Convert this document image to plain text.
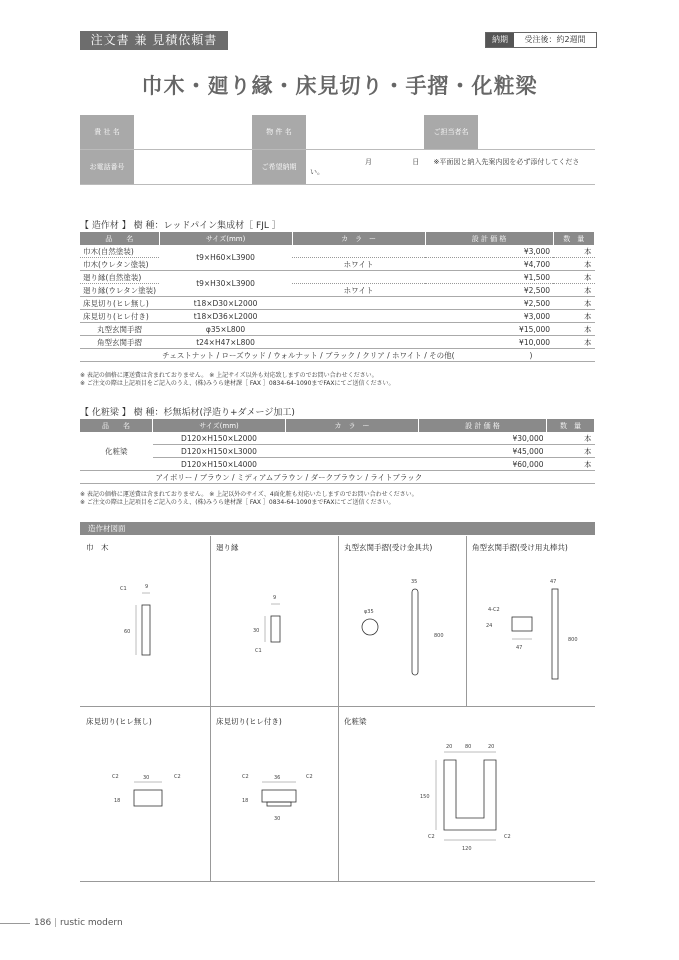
注文書 兼 見積依頼書	納期	受注後：約2週間
巾木・廻り縁・床見切り・手摺・化粧梁
貴 社 名		物 件 名		ご担当者名	
お電話番号		ご希望納期	月 日 ※平面図と納入先案内図を必ず添付してください。		
【 造作材 】 樹 種：レッドパイン集成材［ FJL ］
品　　名	サイズ(mm)	カ　ラ　ー	設 計 価 格	数　量
巾木(自然塗装)	t9×H60×L3900		¥3,000	本
巾木(ウレタン塗装)		ホワイト	¥4,700	本
廻り縁(自然塗装)	t9×H30×L3900		¥1,500	本
廻り縁(ウレタン塗装)		ホワイト	¥2,500	本
床見切り(ヒレ無し)	t18×D30×L2000		¥2,500	本
床見切り(ヒレ付き)	t18×D36×L2000		¥3,000	本
丸型玄関手摺	φ35×L800		¥15,000	本
角型玄関手摺	t24×H47×L800		¥10,000	本
カ　ラ　ー	チェストナット / ローズウッド / ウォルナット / ブラック / クリア / ホワイト / その他(　　　　　　　　　　)			
※ 表記の価格に運送費は含まれておりません。 ※ 上記サイズ以外も対応致しますのでお問い合わせください。
※ ご注文の際は上記項目をご記入のうえ、(株)みうら建材課［ FAX ］0834-64-1090までFAXにてご送信ください。
【 化粧梁 】 樹 種：杉無垢材(浮造り+ダメージ加工)
品　　名	サイズ(mm)	カ　ラ　ー	設 計 価 格	数　量
化粧梁	D120×H150×L2000		¥30,000	本
	D120×H150×L3000		¥45,000	本
	D120×H150×L4000		¥60,000	本
カ　ラ　ー	アイボリー / ブラウン / ミディアムブラウン / ダークブラウン / ライトブラック			
※ 表記の価格に運送費は含まれておりません。 ※ 上記以外のサイズ、4面化粧も対応いたしますのでお問い合わせください。
※ ご注文の際は上記項目をご記入のうえ、(株)みうら建材課［ FAX ］0834-64-1090までFAXにてご送信ください。
造作材図面
巾　木	廻り縁	丸型玄関手摺(受け金具共)	角型玄関手摺(受け用丸棒共)
床見切り(ヒレ無し)	床見切り(ヒレ付き)	化粧梁
9
C1
60
9
30
C1
φ35
35
800
4-C2
47
24
47
800
C2	30	C2
18
C2	36	C2
18
30
20	80	20
150
C2	C2
120
186 | rustic modern
